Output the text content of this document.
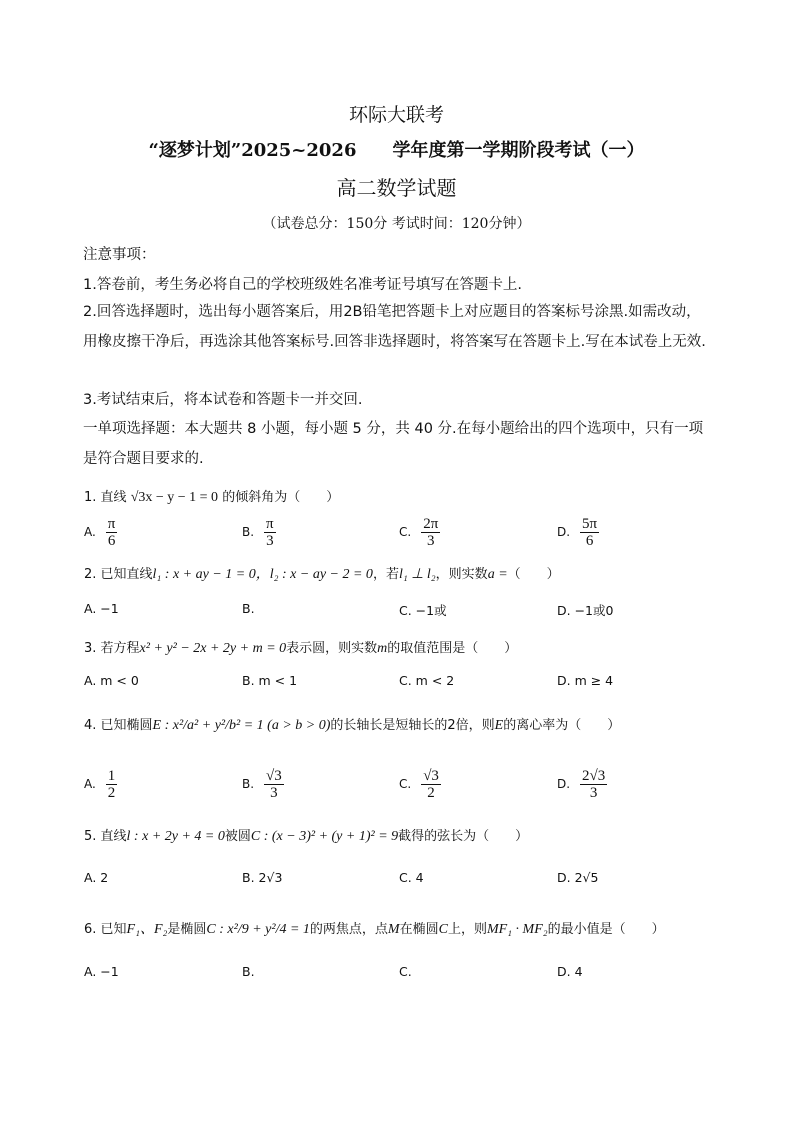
环际大联考
“逐梦计划”2025~2026　　学年度第一学期阶段考试（一）
高二数学试题
（试卷总分：150分 考试时间：120分钟）
注意事项：
1.答卷前，考生务必将自己的学校班级姓名准考证号填写在答题卡上.
2.回答选择题时，选出每小题答案后，用2B铅笔把答题卡上对应题目的答案标号涂黑.如需改动，用橡皮擦干净后，再选涂其他答案标号.回答非选择题时，将答案写在答题卡上.写在本试卷上无效.
3.考试结束后，将本试卷和答题卡一并交回.
一单项选择题：本大题共 8 小题，每小题 5 分，共 40 分.在每小题给出的四个选项中，只有一项是符合题目要求的.
1. 直线 √3x − y − 1 = 0 的倾斜角为（　　）
A. $\frac{\pi}{6}$	B. $\frac{\pi}{3}$	C. $\frac{2\pi}{3}$	D. $\frac{5\pi}{6}$
2. 已知直线l₁ : x + ay − 1 = 0，l₂ : x − ay − 2 = 0，若l₁ ⊥ l₂，则实数a =（　　）
A. −1	B.	C. −1或	D. −1或0
3. 若方程x² + y² − 2x + 2y + m = 0表示圆，则实数m的取值范围是（　　）
A. m < 0	B. m < 1	C. m < 2	D. m ≥ 4
4. 已知椭圆E : x²/a² + y²/b² = 1 (a > b > 0)的长轴长是短轴长的2倍，则E的离心率为（　　）
A. $\frac{1}{2}$	B. $\frac{√3}{3}$	C. $\frac{√3}{2}$	D. $\frac{2√3}{3}$
5. 直线l : x + 2y + 4 = 0被圆C : (x − 3)² + (y + 1)² = 9截得的弦长为（　　）
A. 2	B. 2√3	C. 4	D. 2√5
6. 已知F₁、F₂是椭圆C : x²/9 + y²/4 = 1的两焦点，点M在椭圆C上，则MF₁ · MF₂的最小值是（　　）
A. −1	B.	C.	D. 4
